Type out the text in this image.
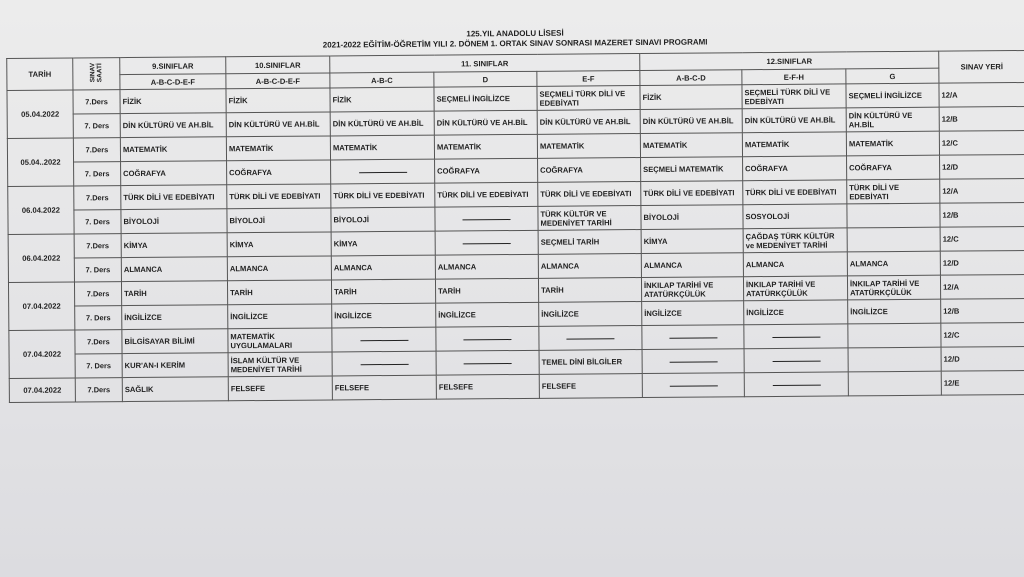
125.YIL ANADOLU LİSESİ
2021-2022 EĞİTİM-ÖĞRETİM YILI 2. DÖNEM 1. ORTAK SINAV SONRASI MAZERET SINAVI PROGRAMI
TARİH	SINAV SAATİ	9.SINIFLAR	10.SINIFLAR	11. SINIFLAR			12.SINIFLAR			SINAV YERİ
		A-B-C-D-E-F	A-B-C-D-E-F	A-B-C	D	E-F	A-B-C-D	E-F-H	G	
05.04.2022	7.Ders	FİZİK	FİZİK	FİZİK	SEÇMELİ İNGİLİZCE	SEÇMELİ TÜRK DİLİ VE EDEBİYATI	FİZİK	SEÇMELİ TÜRK DİLİ VE EDEBİYATI	SEÇMELİ İNGİLİZCE	12/A
	7. Ders	DİN KÜLTÜRÜ VE AH.BİL	DİN KÜLTÜRÜ VE AH.BİL	DİN KÜLTÜRÜ VE AH.BİL	DİN KÜLTÜRÜ VE AH.BİL	DİN KÜLTÜRÜ VE AH.BİL	DİN KÜLTÜRÜ VE AH.BİL	DİN KÜLTÜRÜ VE AH.BİL	DİN KÜLTÜRÜ VE AH.BİL	12/B
05.04..2022	7.Ders	MATEMATİK	MATEMATİK	MATEMATİK	MATEMATİK	MATEMATİK	MATEMATİK	MATEMATİK	MATEMATİK	12/C
	7. Ders	COĞRAFYA	COĞRAFYA		COĞRAFYA	COĞRAFYA	SEÇMELİ MATEMATİK	COĞRAFYA	COĞRAFYA	12/D
06.04.2022	7.Ders	TÜRK DİLİ VE EDEBİYATI	TÜRK DİLİ VE EDEBİYATI	TÜRK DİLİ VE EDEBİYATI	TÜRK DİLİ VE EDEBİYATI	TÜRK DİLİ VE EDEBİYATI	TÜRK DİLİ VE EDEBİYATI	TÜRK DİLİ VE EDEBİYATI	TÜRK DİLİ VE EDEBİYATI	12/A
	7. Ders	BİYOLOJİ	BİYOLOJİ	BİYOLOJİ		TÜRK KÜLTÜR VE MEDENİYET TARİHİ	BİYOLOJİ	SOSYOLOJİ		12/B
06.04.2022	7.Ders	KİMYA	KİMYA	KİMYA		SEÇMELİ TARİH	KİMYA	ÇAĞDAŞ TÜRK KÜLTÜR ve MEDENİYET TARİHİ		12/C
	7. Ders	ALMANCA	ALMANCA	ALMANCA	ALMANCA	ALMANCA	ALMANCA	ALMANCA	ALMANCA	12/D
07.04.2022	7.Ders	TARİH	TARİH	TARİH	TARİH	TARİH	İNKILAP TARİHİ VE ATATÜRKÇÜLÜK	İNKILAP TARİHİ VE ATATÜRKÇÜLÜK	İNKILAP TARİHİ VE ATATÜRKÇÜLÜK	12/A
	7. Ders	İNGİLİZCE	İNGİLİZCE	İNGİLİZCE	İNGİLİZCE	İNGİLİZCE	İNGİLİZCE	İNGİLİZCE	İNGİLİZCE	12/B
07.04.2022	7.Ders	BİLGİSAYAR BİLİMİ	MATEMATİK UYGULAMALARI							12/C
	7. Ders	KUR'AN-I KERİM	İSLAM KÜLTÜR VE MEDENİYET TARİHİ			TEMEL DİNİ BİLGİLER				12/D
07.04.2022	7.Ders	SAĞLIK	FELSEFE	FELSEFE	FELSEFE	FELSEFE				12/E
